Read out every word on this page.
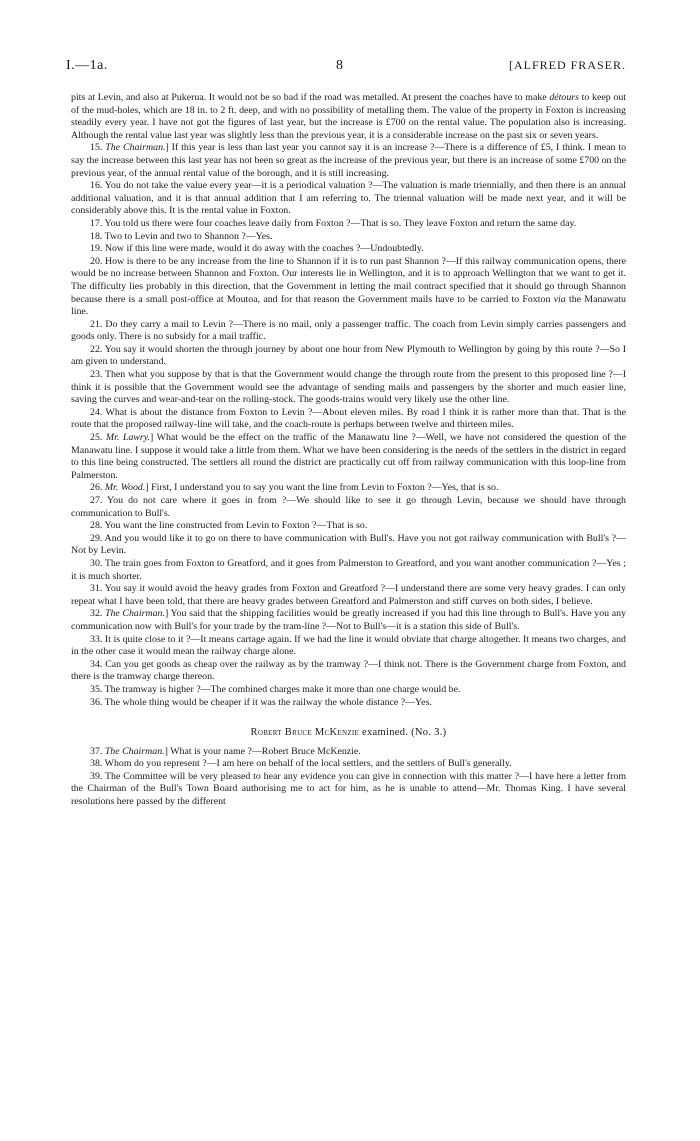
I.—1a.	8	[ALFRED FRASER.

pits at Levin, and also at Pukerua. It would not be so bad if the road was metalled. At present the coaches have to make détours to keep out of the mud-holes, which are 18 in. to 2 ft. deep, and with no possibility of metalling them. The value of the property in Foxton is increasing steadily every year. I have not got the figures of last year, but the increase is £700 on the rental value. The population also is increasing. Although the rental value last year was slightly less than the previous year, it is a considerable increase on the past six or seven years.

15. The Chairman.] If this year is less than last year you cannot say it is an increase ?—There is a difference of £5, I think. I mean to say the increase between this last year has not been so great as the increase of the previous year, but there is an increase of some £700 on the previous year, of the annual rental value of the borough, and it is still increasing.

16. You do not take the value every year—it is a periodical valuation ?—The valuation is made triennially, and then there is an annual additional valuation, and it is that annual addition that I am referring to. The triennal valuation will be made next year, and it will be considerably above this. It is the rental value in Foxton.

17. You told us there were four coaches leave daily from Foxton ?—That is so. They leave Foxton and return the same day.

18. Two to Levin and two to Shannon ?—Yes.

19. Now if this line were made, would it do away with the coaches ?—Undoubtedly.

20. How is there to be any increase from the line to Shannon if it is to run past Shannon ?—If this railway communication opens, there would be no increase between Shannon and Foxton. Our interests lie in Wellington, and it is to approach Wellington that we want to get it. The difficulty lies probably in this direction, that the Government in letting the mail contract specified that it should go through Shannon because there is a small post-office at Moutoa, and for that reason the Government mails have to be carried to Foxton via the Manawatu line.

21. Do they carry a mail to Levin ?—There is no mail, only a passenger traffic. The coach from Levin simply carries passengers and goods only. There is no subsidy for a mail traffic.

22. You say it would shorten the through journey by about one hour from New Plymouth to Wellington by going by this route ?—So I am given to understand.

23. Then what you suppose by that is that the Government would change the through route from the present to this proposed line ?—I think it is possible that the Government would see the advantage of sending mails and passengers by the shorter and much easier line, saving the curves and wear-and-tear on the rolling-stock. The goods-trains would very likely use the other line.

24. What is about the distance from Foxton to Levin ?—About eleven miles. By road I think it is rather more than that. That is the route that the proposed railway-line will take, and the coach-route is perhaps between twelve and thirteen miles.

25. Mr. Lawry.] What would be the effect on the traffic of the Manawatu line ?—Well, we have not considered the question of the Manawatu line. I suppose it would take a little from them. What we have been considering is the needs of the settlers in the district in regard to this line being constructed. The settlers all round the district are practically cut off from railway communication with this loop-line from Palmerston.

26. Mr. Wood.] First, I understand you to say you want the line from Levin to Foxton ?—Yes, that is so.

27. You do not care where it goes in from ?—We should like to see it go through Levin, because we should have through communication to Bull's.

28. You want the line constructed from Levin to Foxton ?—That is so.

29. And you would like it to go on there to have communication with Bull's. Have you not got railway communication with Bull's ?—Not by Levin.

30. The train goes from Foxton to Greatford, and it goes from Palmerston to Greatford, and you want another communication ?—Yes ; it is much shorter.

31. You say it would avoid the heavy grades from Foxton and Greatford ?—I understand there are some very heavy grades. I can only repeat what I have been told, that there are heavy grades between Greatford and Palmerston and stiff curves on both sides, I believe.

32. The Chairman.] You said that the shipping facilities would be greatly increased if you had this line through to Bull's. Have you any communication now with Bull's for your trade by the tram-line ?—Not to Bull's—it is a station this side of Bull's.

33. It is quite close to it ?—It means cartage again. If we had the line it would obviate that charge altogether. It means two charges, and in the other case it would mean the railway charge alone.

34. Can you get goods as cheap over the railway as by the tramway ?—I think not. There is the Government charge from Foxton, and there is the tramway charge thereon.

35. The tramway is higher ?—The combined charges make it more than one charge would be.

36. The whole thing would be cheaper if it was the railway the whole distance ?—Yes.

Robert Bruce McKenzie examined. (No. 3.)

37. The Chairman.] What is your name ?—Robert Bruce McKenzie.

38. Whom do you represent ?—I am here on behalf of the local settlers, and the settlers of Bull's generally.

39. The Committee will be very pleased to hear any evidence you can give in connection with this matter ?—I have here a letter from the Chairman of the Bull's Town Board authorising me to act for him, as he is unable to attend—Mr. Thomas King. I have several resolutions here passed by the different
